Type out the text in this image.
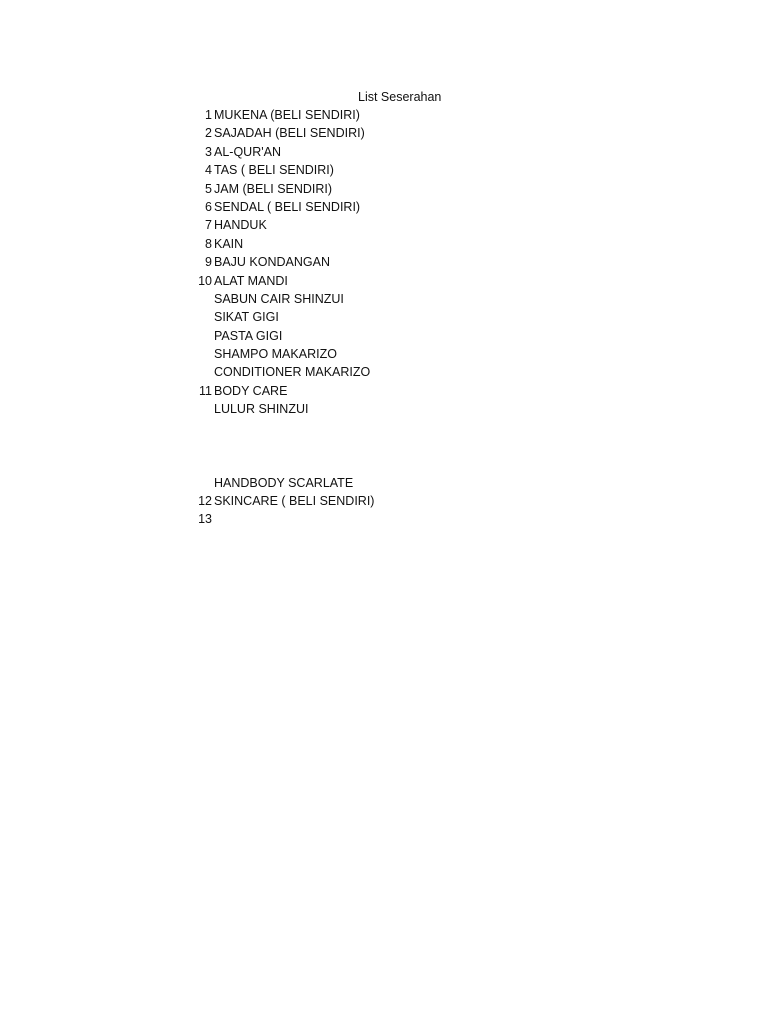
List Seserahan
1 MUKENA (BELI SENDIRI)
2 SAJADAH (BELI SENDIRI)
3 AL-QUR'AN
4 TAS ( BELI SENDIRI)
5 JAM (BELI SENDIRI)
6 SENDAL ( BELI SENDIRI)
7 HANDUK
8 KAIN
9 BAJU KONDANGAN
10 ALAT MANDI
SABUN CAIR SHINZUI
SIKAT GIGI
PASTA GIGI
SHAMPO MAKARIZO
CONDITIONER MAKARIZO
11 BODY CARE
LULUR SHINZUI
HANDBODY SCARLATE
12 SKINCARE ( BELI SENDIRI)
13
